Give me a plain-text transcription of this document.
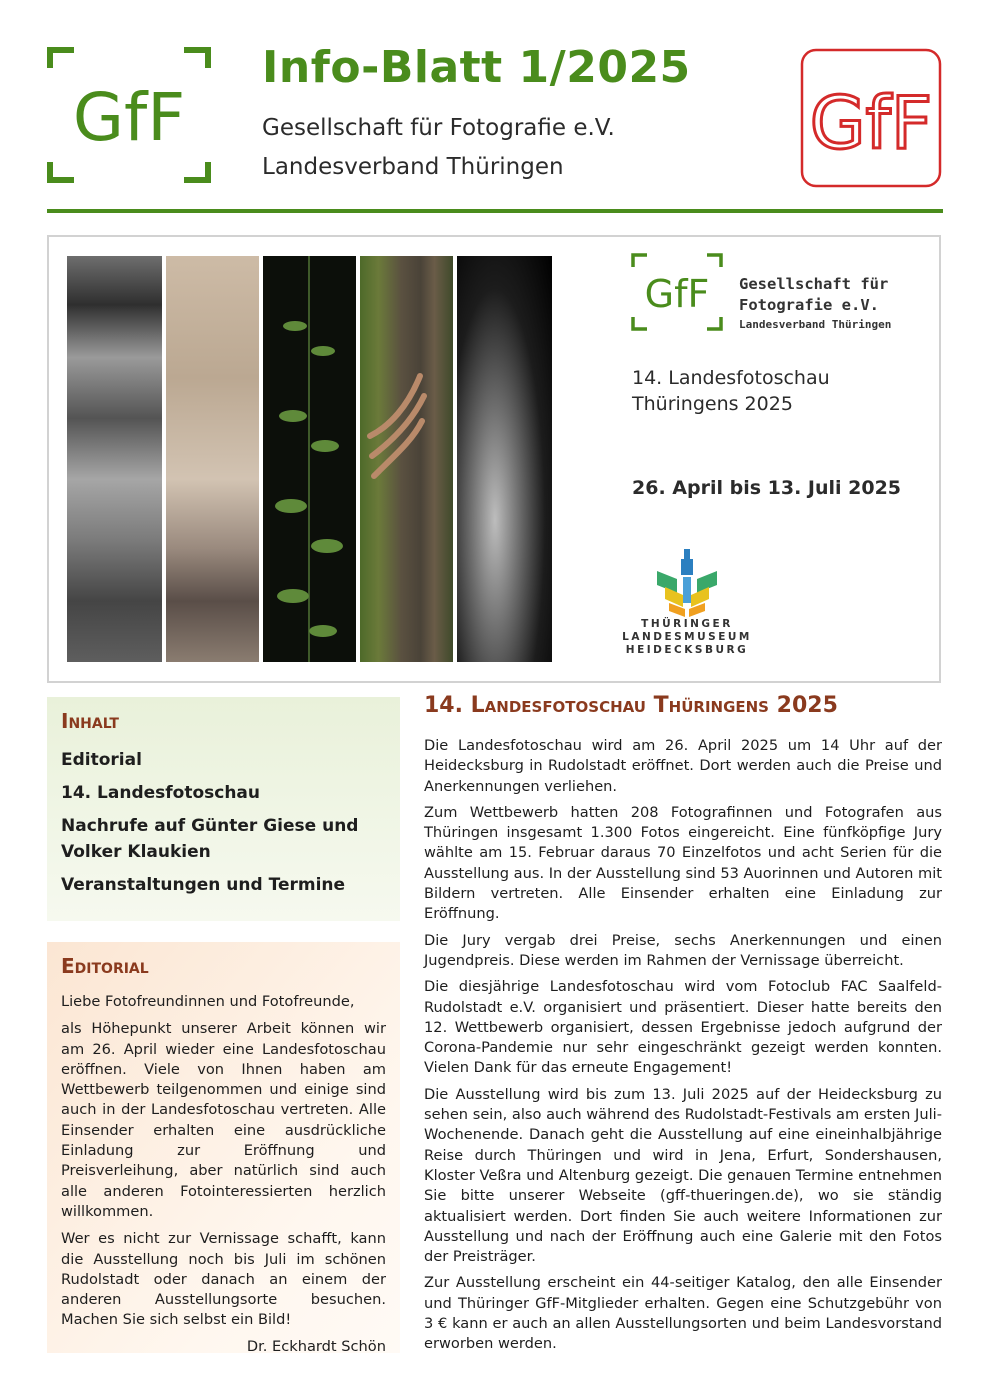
GfF
Info-Blatt 1/2025
Gesellschaft für Fotografie e.V.
Landesverband Thüringen
GfF
GfF Gesellschaft für
Fotografie e.V.
Landesverband Thüringen
14. Landesfotoschau
Thüringens 2025
26. April bis 13. Juli 2025
THÜRINGER
LANDESMUSEUM
HEIDECKSBURG
Inhalt
Editorial
14. Landesfotoschau
Nachrufe auf Günter Giese und Volker Klaukien
Veranstaltungen und Termine
Editorial

Liebe Fotofreundinnen und Fotofreunde,

als Höhepunkt unserer Arbeit können wir am 26. April wieder eine Landesfotoschau eröffnen. Viele von Ihnen haben am Wettbewerb teilgenommen und einige sind auch in der Landesfotoschau vertreten. Alle Einsender erhalten eine ausdrückliche Einladung zur Eröffnung und Preisverleihung, aber natürlich sind auch alle anderen Fotointeressierten herzlich willkommen.

Wer es nicht zur Vernissage schafft, kann die Ausstellung noch bis Juli im schönen Rudolstadt oder danach an einem der anderen Ausstellungsorte besuchen. Machen Sie sich selbst ein Bild!

Dr. Eckhardt Schön
14. Landesfotoschau Thüringens 2025

Die Landesfotoschau wird am 26. April 2025 um 14 Uhr auf der Heidecksburg in Rudolstadt eröffnet. Dort werden auch die Preise und Anerkennungen verliehen.

Zum Wettbewerb hatten 208 Fotografinnen und Fotografen aus Thüringen insgesamt 1.300 Fotos eingereicht. Eine fünfköpfige Jury wählte am 15. Februar daraus 70 Einzelfotos und acht Serien für die Ausstellung aus. In der Ausstellung sind 53 Auorinnen und Autoren mit Bildern vertreten. Alle Einsender erhalten eine Einladung zur Eröffnung.

Die Jury vergab drei Preise, sechs Anerkennungen und einen Jugendpreis. Diese werden im Rahmen der Vernissage überreicht.

Die diesjährige Landesfotoschau wird vom Fotoclub FAC Saalfeld-Rudolstadt e.V. organisiert und präsentiert. Dieser hatte bereits den 12. Wettbewerb organisiert, dessen Ergebnisse jedoch aufgrund der Corona-Pandemie nur sehr eingeschränkt gezeigt werden konnten. Vielen Dank für das erneute Engagement!

Die Ausstellung wird bis zum 13. Juli 2025 auf der Heidecksburg zu sehen sein, also auch während des Rudolstadt-Festivals am ersten Juli-Wochenende. Danach geht die Ausstellung auf eine eineinhalbjährige Reise durch Thüringen und wird in Jena, Erfurt, Sondershausen, Kloster Veßra und Altenburg gezeigt. Die genauen Termine entnehmen Sie bitte unserer Webseite (gff-thueringen.de), wo sie ständig aktualisiert werden. Dort finden Sie auch weitere Informationen zur Ausstellung und nach der Eröffnung auch eine Galerie mit den Fotos der Preisträger.

Zur Ausstellung erscheint ein 44-seitiger Katalog, den alle Einsender und Thüringer GfF-Mitglieder erhalten. Gegen eine Schutzgebühr von 3 € kann er auch an allen Ausstellungsorten und beim Landesvorstand erworben werden.
